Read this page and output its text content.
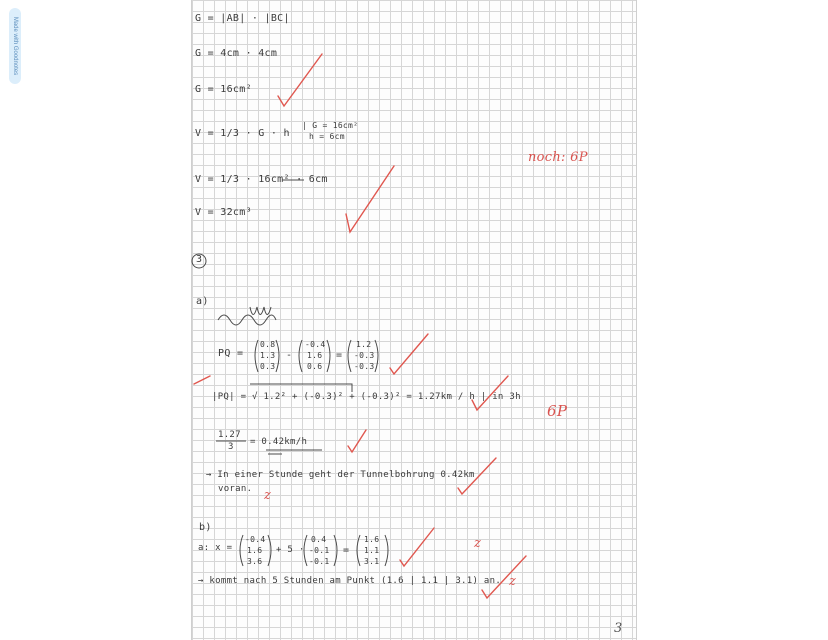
Made with Goodnotes	G = |AB| · |BC|
G = 4cm · 4cm
G = 16cm²
V = 1/3 · G · h
| G = 16cm²
h = 6cm
V = 1/3 · 16cm² · 6cm
V = 32cm³
3
a)
PQ =
0.8
1.3
0.3
-
-0.4
1.6
0.6
=
1.2
-0.3
-0.3
|PQ| = √ 1.2² + (-0.3)² + (-0.3)² = 1.27km / h | in 3h
1.27
3 = 0.42km/h
→ In einer Stunde geht der Tunnelbohrung 0.42km
voran.
b)
a: x =
-0.4
1.6
3.6
+ 5 ·
0.4
-0.1
-0.1
=
1.6
1.1
3.1
→ kommt nach 5 Stunden am Punkt (1.6 | 1.1 | 3.1) an.
noch: 6P
6P
z
z
z
3
